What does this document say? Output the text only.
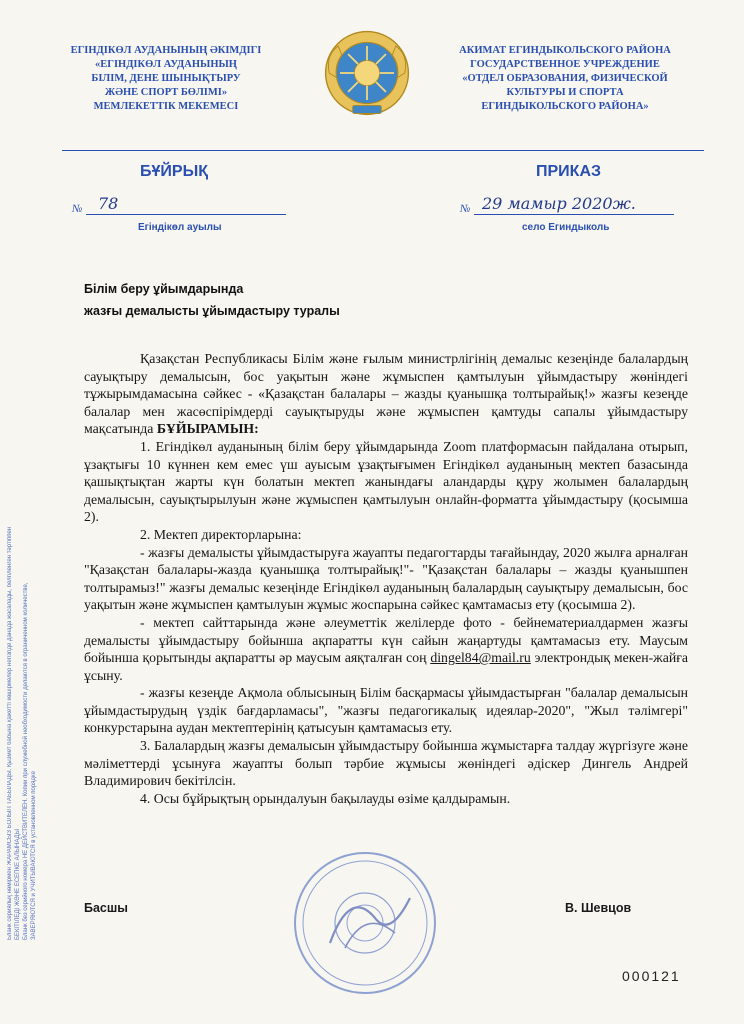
ЕГІНДІКӨЛ АУДАНЫНЫҢ ӘКІМДІГІ
«ЕГІНДІКӨЛ АУДАНЫНЫҢ
БІЛІМ, ДЕНЕ ШЫНЫҚТЫРУ
ЖӘНЕ СПОРТ БӨЛІМІ»
МЕМЛЕКЕТТІК МЕКЕМЕСІ
АКИМАТ ЕГИНДЫКОЛЬСКОГО РАЙОНА
ГОСУДАРСТВЕННОЕ УЧРЕЖДЕНИЕ
«ОТДЕЛ ОБРАЗОВАНИЯ, ФИЗИЧЕСКОЙ
КУЛЬТУРЫ И СПОРТА
ЕГИНДЫКОЛЬСКОГО РАЙОНА»
БҰЙРЫҚ	ПРИКАЗ
№ 78
Егіндікөл ауылы
№ 29 мамыр 2020ж.
село Егиндыколь
Білім беру ұйымдарында
жазғы демалысты ұйымдастыру туралы

Қазақстан Республикасы Білім және ғылым министрлігінің демалыс кезеңінде балалардың сауықтыру демалысын, бос уақытын және жұмыспен қамтылуын ұйымдастыру жөніндегі тұжырымдамасына сәйкес - «Қазақстан балалары – жазды қуанышқа толтырайық!» жазғы кезеңде балалар мен жасөспірімдерді сауықтыруды және жұмыспен қамтуды сапалы ұйымдастыру мақсатында БҰЙЫРАМЫН:

1. Егіндікөл ауданының білім беру ұйымдарында Zoom платформасын пайдалана отырып, ұзақтығы 10 күннен кем емес үш ауысым ұзақтығымен Егіндікөл ауданының мектеп базасында қашықтықтан жарты күн болатын мектеп жанындағы аландарды құру жолымен балалардың демалысын, сауықтырылуын және жұмыспен қамтылуын онлайн-форматта ұйымдастыру (қосымша 2).

2. Мектеп директорларына:

- жазғы демалысты ұйымдастыруға жауапты педагогтарды тағайындау, 2020 жылға арналған "Қазақстан балалары-жазда қуанышқа толтырайық!"- "Қазақстан балалары – жазды қуанышпен толтырамыз!" жазғы демалыс кезеңінде Егіндікөл ауданының балалардың сауықтыру демалысын, бос уақытын және жұмыспен қамтылуын жұмыс жоспарына сәйкес қамтамасыз ету (қосымша 2).

- мектеп сайттарында және әлеуметтік желілерде фото - бейнематериалдармен жазғы демалысты ұйымдастыру бойынша ақпаратты күн сайын жаңартуды қамтамасыз ету. Маусым бойынша қорытынды ақпаратты әр маусым аяқталған соң dingel84@mail.ru электрондық мекен-жайға ұсыну.

- жазғы кезеңде Ақмола облысының Білім басқармасы ұйымдастырған "балалар демалысын ұйымдастырудың үздік бағдарламасы", "жазғы педагогикалық идеялар-2020", "Жыл тәлімгері" конкурстарына аудан мектептерінің қатысуын қамтамасыз ету.

3. Балалардың жазғы демалысын ұйымдастыру бойынша жұмыстарға талдау жүргізуге және мәліметтерді ұсынуға жауапты болып тәрбие жұмысы жөніндегі әдіскер Дингель Андрей Владимирович бекітілсін.

4. Осы бұйрықтың орындалуын бақылауды өзіме қалдырамын.

Бланк сериялық нөмірмен ЖАРАМСЫЗ БОЛЫП ТАБЫЛАДЫ. Қызмет бабына қажетті көшірмелер негізгіде данада жасалады, белгіленген тәртіппен БЕКІТІЛЕДІ ЖӘНЕ ЕСЕПКЕ АЛЫНАДЫ Бланк без серийного номера НЕ ДЕЙСТВИТЕЛЕН. Копии при служебной необходимости делаются в ограниченном количестве, ЗАВЕРЯЮТСЯ и УЧИТЫВАЮТСЯ в установленном порядке	Басшы	В. Шевцов
000121
